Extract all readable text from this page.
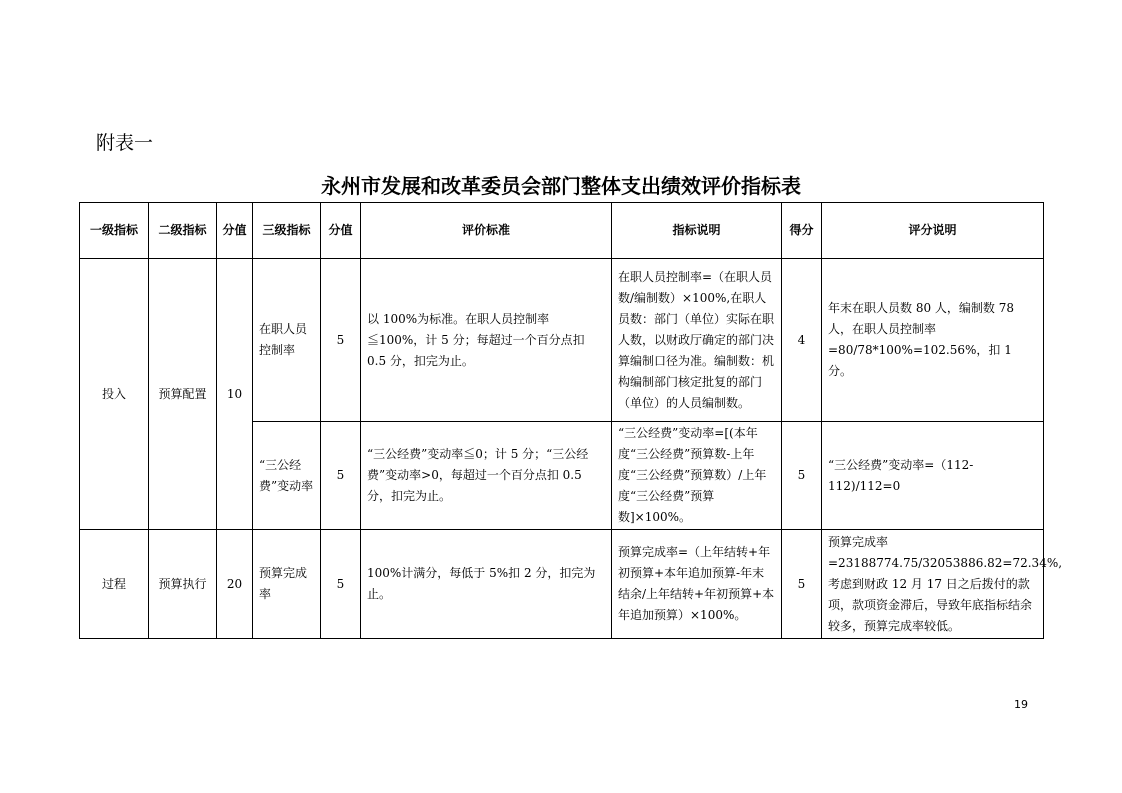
附表一
永州市发展和改革委员会部门整体支出绩效评价指标表
一级指标	二级指标	分值	三级指标	分值	评价标准	指标说明	得分	评分说明
投入	预算配置	10	在职人员控制率	5	以 100%为标准。在职人员控制率≦100%，计 5 分；每超过一个百分点扣 0.5 分，扣完为止。	在职人员控制率=（在职人员数/编制数）×100%,在职人员数：部门（单位）实际在职人数，以财政厅确定的部门决算编制口径为准。编制数：机构编制部门核定批复的部门（单位）的人员编制数。	4	年末在职人员数 80 人，编制数 78 人，在职人员控制率=80/78*100%=102.56%，扣 1 分。
			“三公经费”变动率	5	“三公经费”变动率≦0；计 5 分；“三公经费”变动率>0，每超过一个百分点扣 0.5 分，扣完为止。	“三公经费”变动率=[(本年度“三公经费”预算数-上年度“三公经费”预算数）/上年度“三公经费”预算数]×100%。	5	“三公经费”变动率=（112-112)/112=0
过程	预算执行	20	预算完成率	5	100%计满分，每低于 5%扣 2 分，扣完为止。	预算完成率=（上年结转+年初预算+本年追加预算-年末结余/上年结转+年初预算+本年追加预算）×100%。	5	预算完成率=23188774.75/32053886.82=72.34%,考虑到财政 12 月 17 日之后拨付的款项，款项资金滞后，导致年底指标结余较多，预算完成率较低。
19
